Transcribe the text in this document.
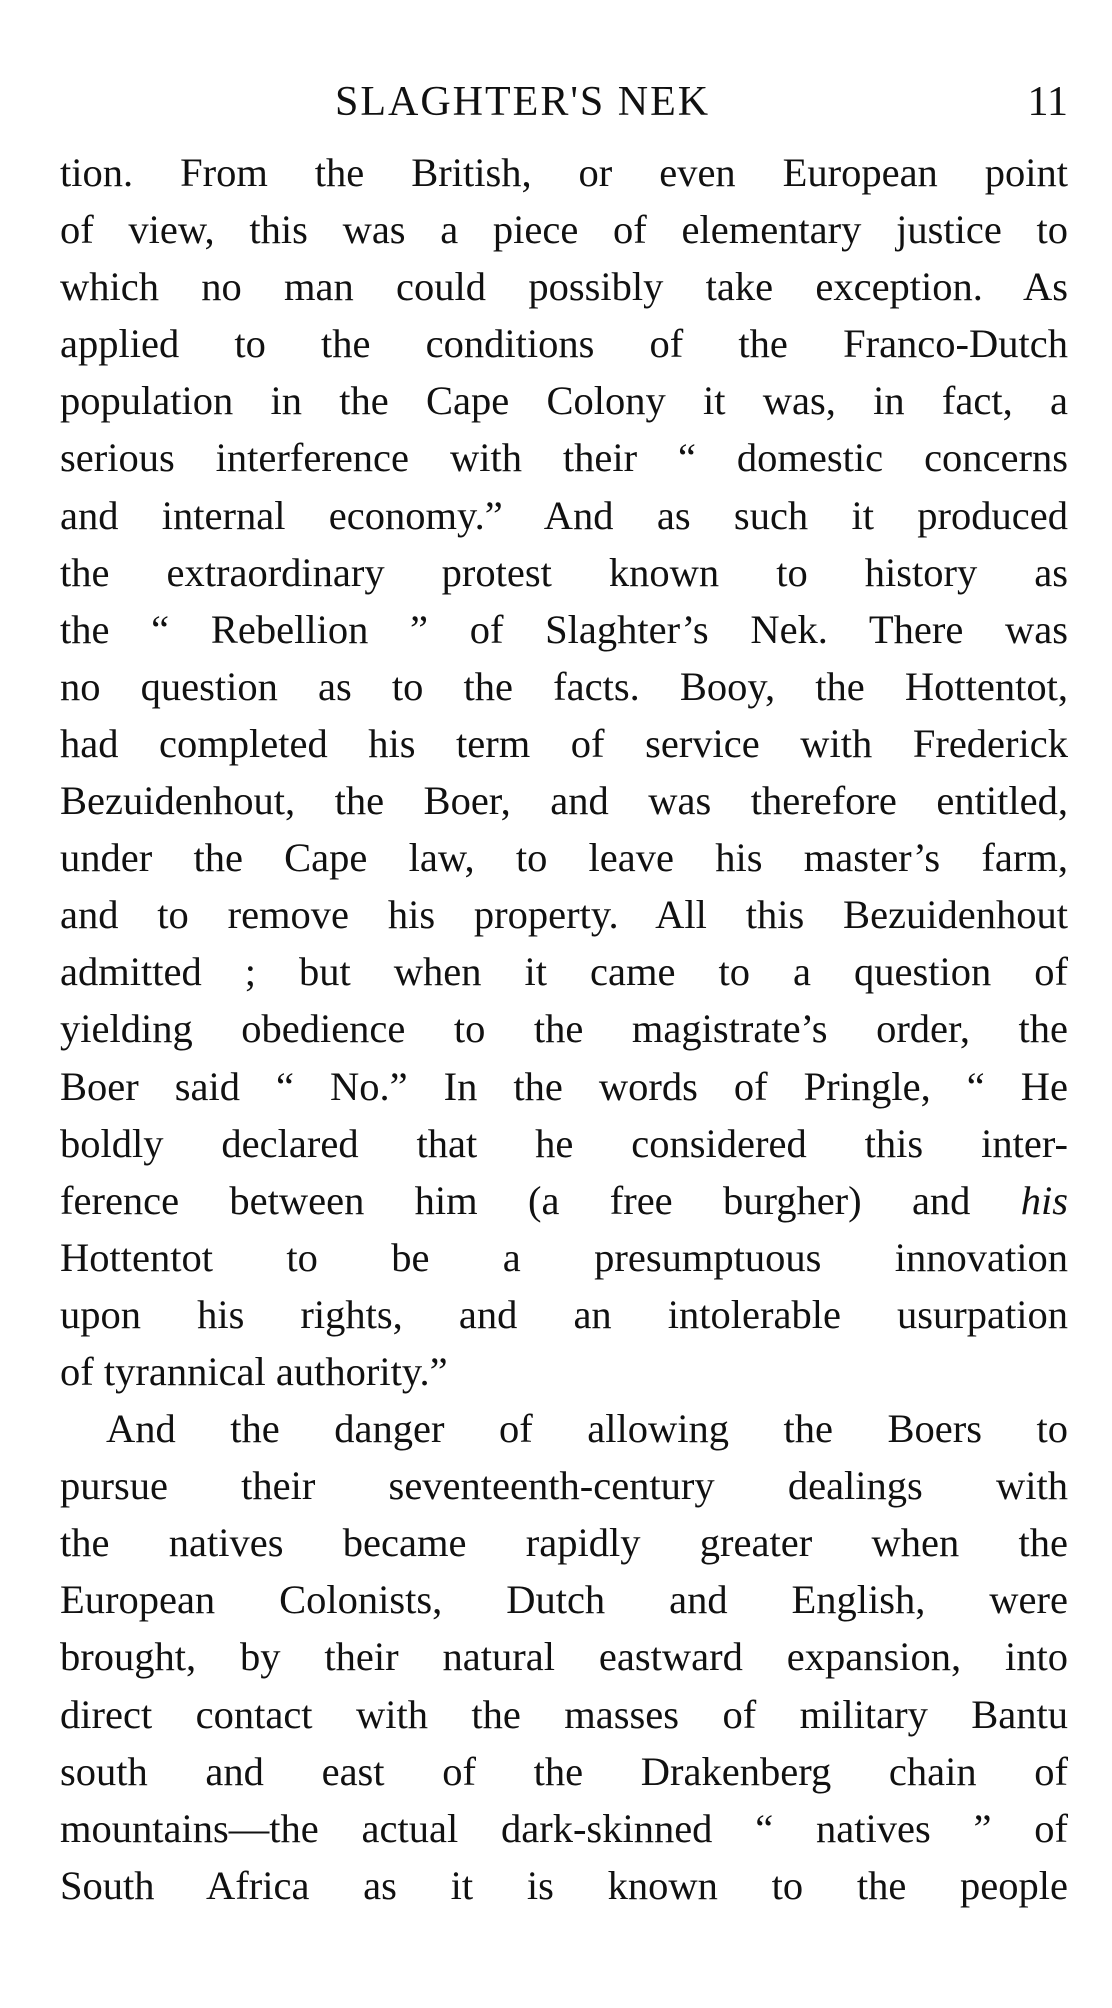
SLAGHTER'S NEK	11
tion. From the British, or even European point
of view, this was a piece of elementary justice to
which no man could possibly take exception. As
applied to the conditions of the Franco-Dutch
population in the Cape Colony it was, in fact, a
serious interference with their “ domestic concerns
and internal economy.” And as such it produced
the extraordinary protest known to history as
the “ Rebellion ” of Slaghter’s Nek. There was
no question as to the facts. Booy, the Hottentot,
had completed his term of service with Frederick
Bezuidenhout, the Boer, and was therefore entitled,
under the Cape law, to leave his master’s farm,
and to remove his property. All this Bezuidenhout
admitted ; but when it came to a question of
yielding obedience to the magistrate’s order, the
Boer said “ No.” In the words of Pringle, “ He
boldly declared that he considered this inter-
ference between him (a free burgher) and his
Hottentot to be a presumptuous innovation
upon his rights, and an intolerable usurpation
of tyrannical authority.”
And the danger of allowing the Boers to
pursue their seventeenth-century dealings with
the natives became rapidly greater when the
European Colonists, Dutch and English, were
brought, by their natural eastward expansion, into
direct contact with the masses of military Bantu
south and east of the Drakenberg chain of
mountains—the actual dark-skinned “ natives ” of
South Africa as it is known to the people
